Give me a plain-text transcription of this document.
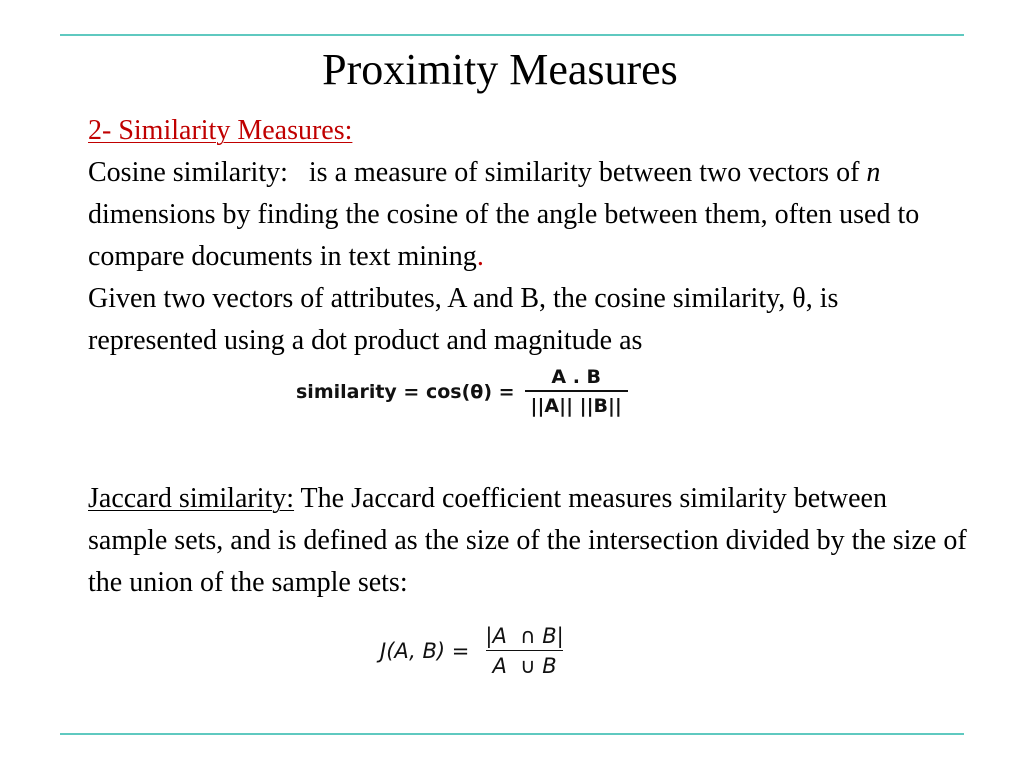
Proximity Measures

2- Similarity Measures:

Cosine similarity:   is a measure of similarity between two vectors of n dimensions by finding the cosine of the angle between them, often used to compare documents in text mining.

Given two vectors of attributes, A and B, the cosine similarity, θ, is represented using a dot product and magnitude as

similarity = $\cos(\theta) = \frac{A . B}{||A|| ||B||}$

Jaccard similarity: The Jaccard coefficient measures similarity between sample sets, and is defined as the size of the intersection divided by the size of the union of the sample sets:

J(A, $B) = \frac{|A \cap B|}{A \cup B}$
